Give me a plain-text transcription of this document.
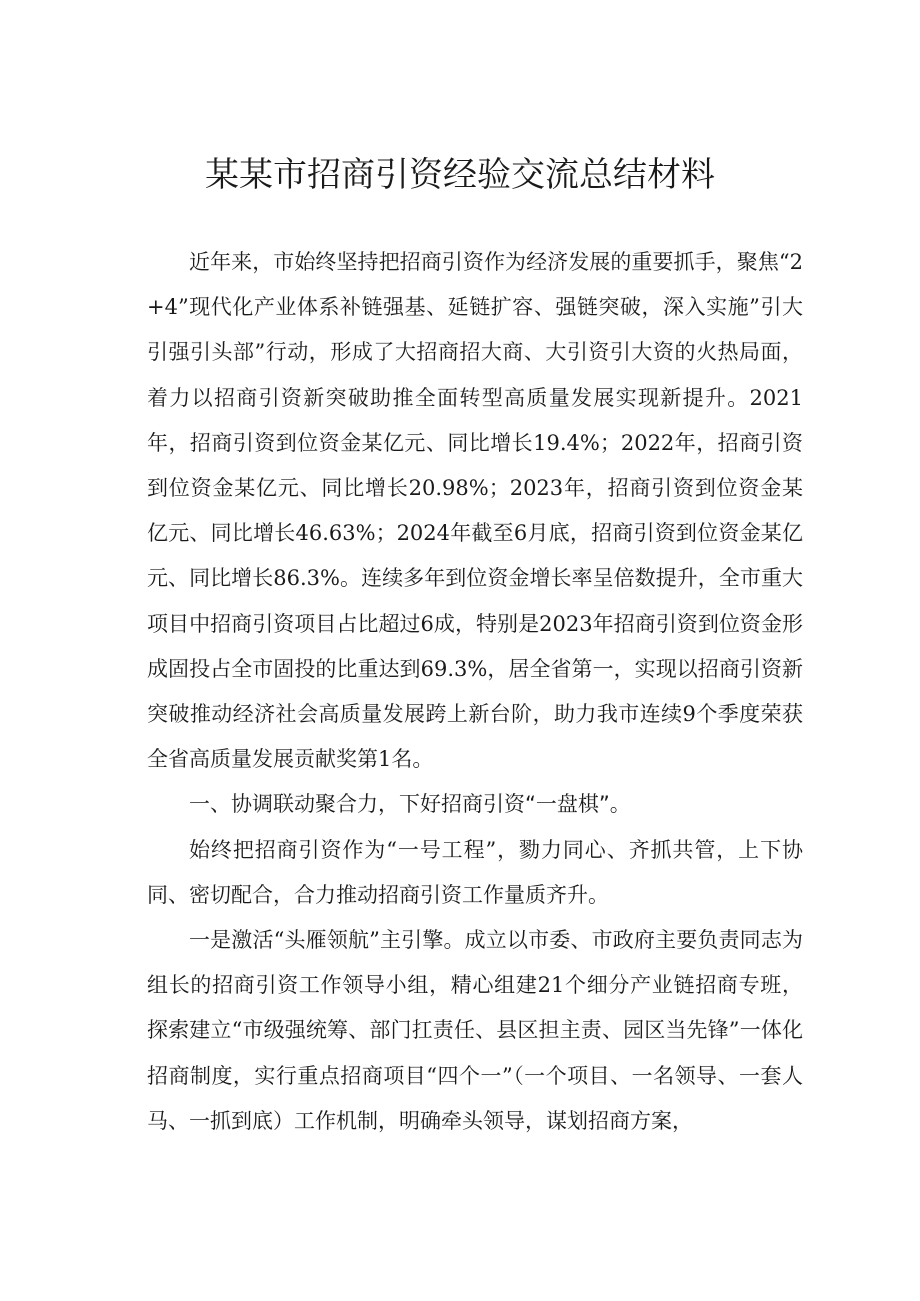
某某市招商引资经验交流总结材料

近年来，市始终坚持把招商引资作为经济发展的重要抓手，聚焦“2+4”现代化产业体系补链强基、延链扩容、强链突破，深入实施”引大引强引头部”行动，形成了大招商招大商、大引资引大资的火热局面，着力以招商引资新突破助推全面转型高质量发展实现新提升。2021年，招商引资到位资金某亿元、同比增长19.4%；2022年，招商引资到位资金某亿元、同比增长20.98%；2023年，招商引资到位资金某亿元、同比增长46.63%；2024年截至6月底，招商引资到位资金某亿元、同比增长86.3%。连续多年到位资金增长率呈倍数提升，全市重大项目中招商引资项目占比超过6成，特别是2023年招商引资到位资金形成固投占全市固投的比重达到69.3%，居全省第一，实现以招商引资新突破推动经济社会高质量发展跨上新台阶，助力我市连续9个季度荣获全省高质量发展贡献奖第1名。

一、协调联动聚合力，下好招商引资“一盘棋”。

始终把招商引资作为“一号工程”，勠力同心、齐抓共管，上下协同、密切配合，合力推动招商引资工作量质齐升。

一是激活“头雁领航”主引擎。成立以市委、市政府主要负责同志为组长的招商引资工作领导小组，精心组建21个细分产业链招商专班，探索建立“市级强统筹、部门扛责任、县区担主责、园区当先锋”一体化招商制度，实行重点招商项目“四个一”（一个项目、一名领导、一套人马、一抓到底）工作机制，明确牵头领导，谋划招商方案，
